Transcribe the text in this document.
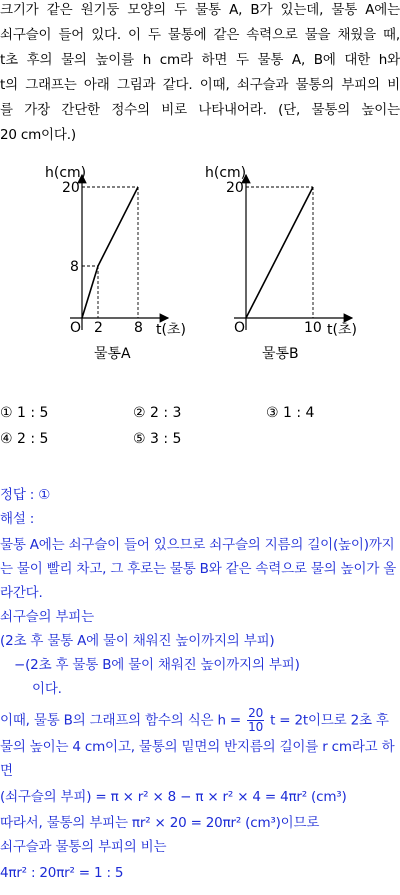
크기가 같은 원기둥 모양의 두 물통 A, B가 있는데, 물통 A에는
쇠구슬이 들어 있다. 이 두 물통에 같은 속력으로 물을 채웠을 때,
t초 후의 물의 높이를 h cm라 하면 두 물통 A, B에 대한 h와
t의 그래프는 아래 그림과 같다. 이때, 쇠구슬과 물통의 부피의 비
를 가장 간단한 정수의 비로 나타내어라. (단, 물통의 높이는
20 cm이다.)
h(cm)
20
8
O 2 8 t(초)
물통A
h(cm)
20
O	10 t(초)
물통B
① 1 : 5	② 2 : 3	③ 1 : 4
④ 2 : 5	⑤ 3 : 5
정답 : ①
해설 :
물통 A에는 쇠구슬이 들어 있으므로 쇠구슬의 지름의 길이(높이)까지
는 물이 빨리 차고, 그 후로는 물통 B와 같은 속력으로 물의 높이가 올
라간다.
쇠구슬의 부피는
(2초 후 물통 A에 물이 채워진 높이까지의 부피)
−(2초 후 물통 B에 물이 채워진 높이까지의 부피)
이다.
이때, 물통 B의 그래프의 함수의 식은 $h = \frac{20}{10}$ t = 2t이므로 2초 후
물의 높이는 4 cm이고, 물통의 밑면의 반지름의 길이를 r cm라고 하
면
(쇠구슬의 부피) = π × r² × 8 − π × r² × 4 = 4πr² (cm³)
따라서, 물통의 부피는 πr² × 20 = 20πr² (cm³)이므로
쇠구슬과 물통의 부피의 비는
4πr² : 20πr² = 1 : 5
